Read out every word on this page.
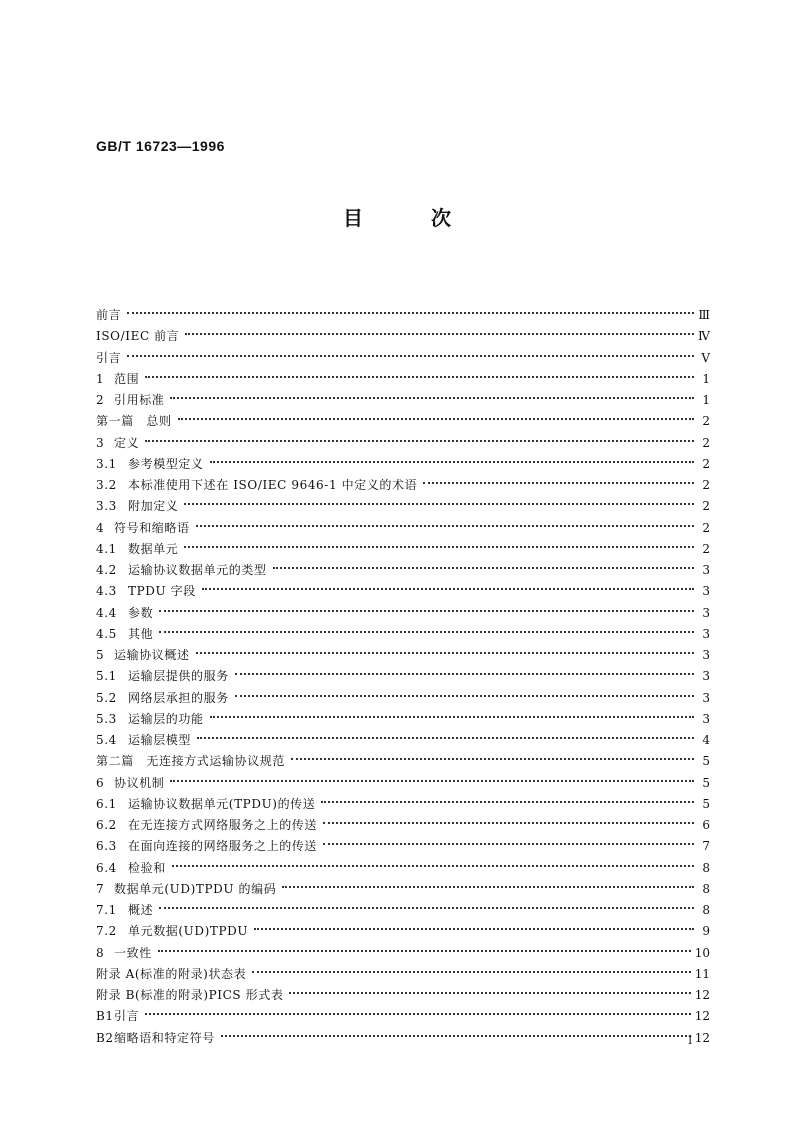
GB/T 16723—1996
目	次
前言	Ⅲ
ISO/IEC 前言	Ⅳ
引言	Ⅴ
1 范围	1
2 引用标准	1
第一篇　总则	2
3 定义	2
3.1 参考模型定义	2
3.2 本标准使用下述在 ISO/IEC 9646-1 中定义的术语	2
3.3 附加定义	2
4 符号和缩略语	2
4.1 数据单元	2
4.2 运输协议数据单元的类型	3
4.3 TPDU 字段	3
4.4 参数	3
4.5 其他	3
5 运输协议概述	3
5.1 运输层提供的服务	3
5.2 网络层承担的服务	3
5.3 运输层的功能	3
5.4 运输层模型	4
第二篇　无连接方式运输协议规范	5
6 协议机制	5
6.1 运输协议数据单元(TPDU)的传送	5
6.2 在无连接方式网络服务之上的传送	6
6.3 在面向连接的网络服务之上的传送	7
6.4 检验和	8
7 数据单元(UD)TPDU 的编码	8
7.1 概述	8
7.2 单元数据(UD)TPDU	9
8 一致性	10
附录 A(标准的附录)状态表	11
附录 B(标准的附录)PICS 形式表	12
B1引言	12
B2缩略语和特定符号	12
I
